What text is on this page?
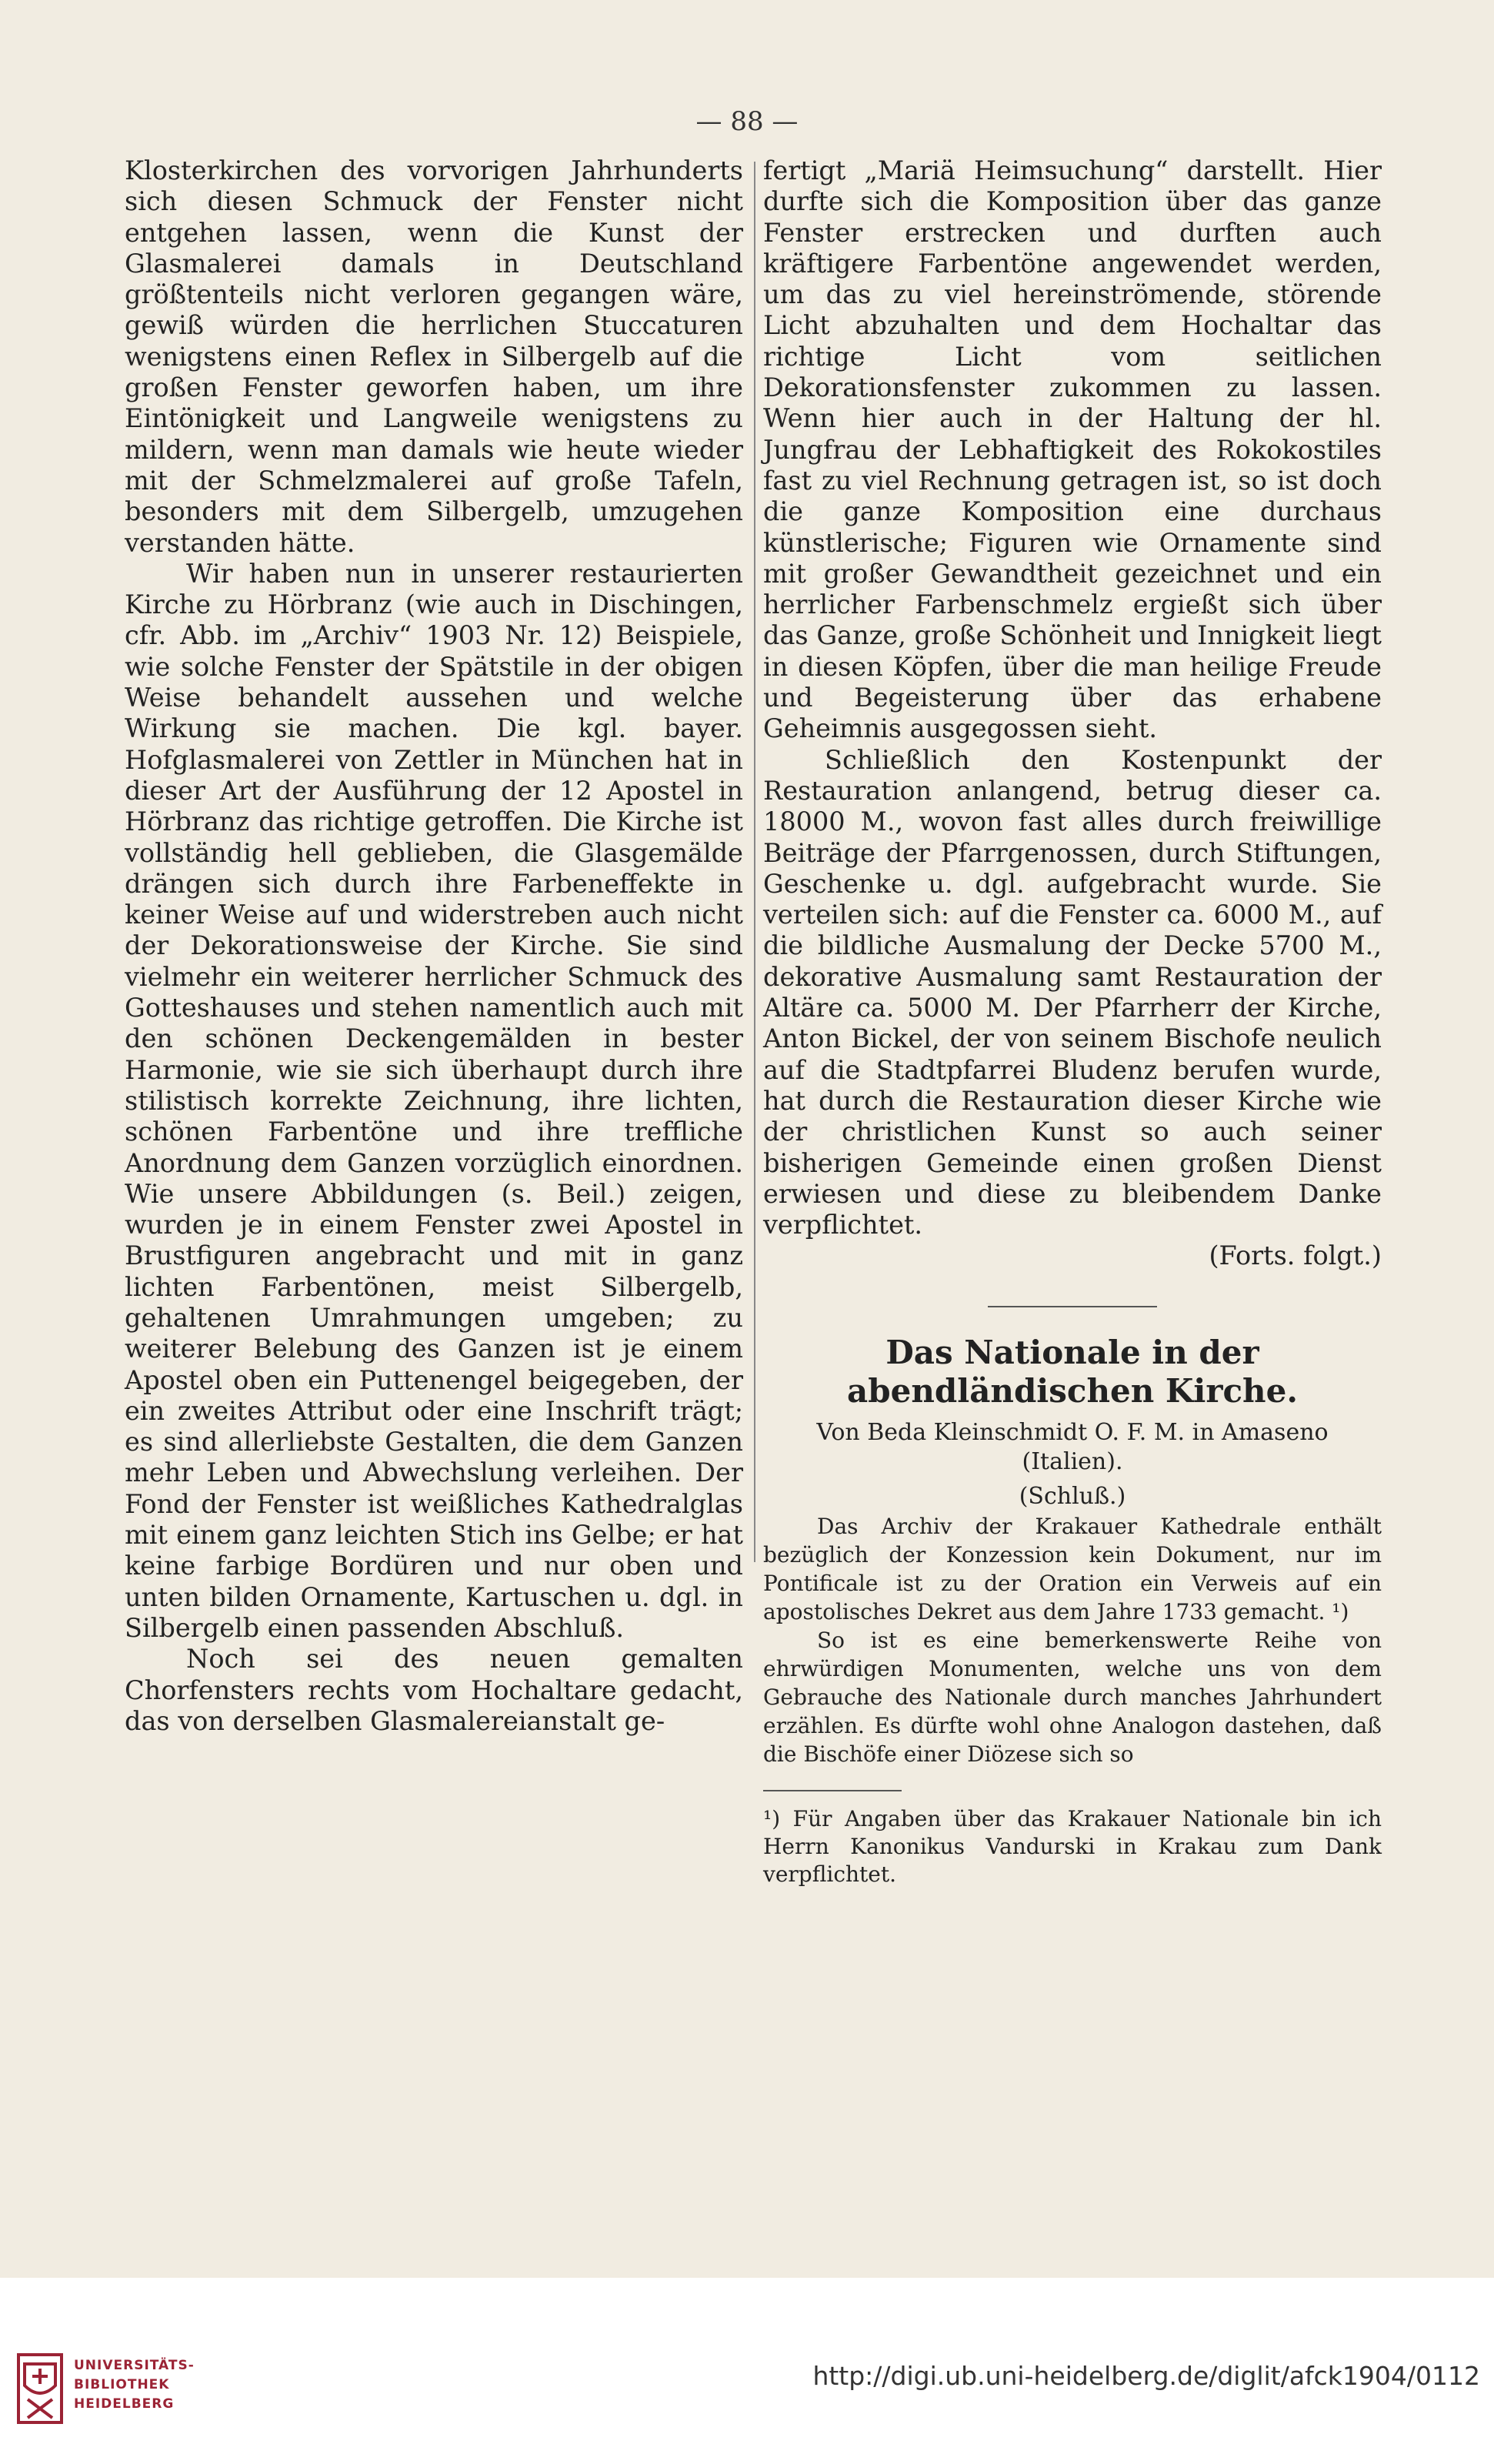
— 88 —

Klosterkirchen des vorvorigen Jahrhunderts sich diesen Schmuck der Fenster nicht entgehen lassen, wenn die Kunst der Glasmalerei damals in Deutschland größtenteils nicht verloren gegangen wäre, gewiß würden die herrlichen Stuccaturen wenigstens einen Reflex in Silbergelb auf die großen Fenster geworfen haben, um ihre Eintönigkeit und Langweile wenigstens zu mildern, wenn man damals wie heute wieder mit der Schmelzmalerei auf große Tafeln, besonders mit dem Silbergelb, umzugehen verstanden hätte.

Wir haben nun in unserer restaurierten Kirche zu Hörbranz (wie auch in Dischingen, cfr. Abb. im „Archiv“ 1903 Nr. 12) Beispiele, wie solche Fenster der Spätstile in der obigen Weise behandelt aussehen und welche Wirkung sie machen. Die kgl. bayer. Hofglasmalerei von Zettler in München hat in dieser Art der Ausführung der 12 Apostel in Hörbranz das richtige getroffen. Die Kirche ist vollständig hell geblieben, die Glasgemälde drängen sich durch ihre Farbeneffekte in keiner Weise auf und widerstreben auch nicht der Dekorationsweise der Kirche. Sie sind vielmehr ein weiterer herrlicher Schmuck des Gotteshauses und stehen namentlich auch mit den schönen Deckengemälden in bester Harmonie, wie sie sich überhaupt durch ihre stilistisch korrekte Zeichnung, ihre lichten, schönen Farbentöne und ihre treffliche Anordnung dem Ganzen vorzüglich einordnen. Wie unsere Abbildungen (s. Beil.) zeigen, wurden je in einem Fenster zwei Apostel in Brustfiguren angebracht und mit in ganz lichten Farbentönen, meist Silbergelb, gehaltenen Umrahmungen umgeben; zu weiterer Belebung des Ganzen ist je einem Apostel oben ein Puttenengel beigegeben, der ein zweites Attribut oder eine Inschrift trägt; es sind allerliebste Gestalten, die dem Ganzen mehr Leben und Abwechslung verleihen. Der Fond der Fenster ist weißliches Kathedralglas mit einem ganz leichten Stich ins Gelbe; er hat keine farbige Bordüren und nur oben und unten bilden Ornamente, Kartuschen u. dgl. in Silbergelb einen passenden Abschluß.

Noch sei des neuen gemalten Chorfensters rechts vom Hochaltare gedacht, das von derselben Glasmalereianstalt ge-

fertigt „Mariä Heimsuchung“ darstellt. Hier durfte sich die Komposition über das ganze Fenster erstrecken und durften auch kräftigere Farbentöne angewendet werden, um das zu viel hereinströmende, störende Licht abzuhalten und dem Hochaltar das richtige Licht vom seitlichen Dekorationsfenster zukommen zu lassen. Wenn hier auch in der Haltung der hl. Jungfrau der Lebhaftigkeit des Rokokostiles fast zu viel Rechnung getragen ist, so ist doch die ganze Komposition eine durchaus künstlerische; Figuren wie Ornamente sind mit großer Gewandtheit gezeichnet und ein herrlicher Farbenschmelz ergießt sich über das Ganze, große Schönheit und Innigkeit liegt in diesen Köpfen, über die man heilige Freude und Begeisterung über das erhabene Geheimnis ausgegossen sieht.

Schließlich den Kostenpunkt der Restauration anlangend, betrug dieser ca. 18000 M., wovon fast alles durch freiwillige Beiträge der Pfarrgenossen, durch Stiftungen, Geschenke u. dgl. aufgebracht wurde. Sie verteilen sich: auf die Fenster ca. 6000 M., auf die bildliche Ausmalung der Decke 5700 M., dekorative Ausmalung samt Restauration der Altäre ca. 5000 M. Der Pfarrherr der Kirche, Anton Bickel, der von seinem Bischofe neulich auf die Stadtpfarrei Bludenz berufen wurde, hat durch die Restauration dieser Kirche wie der christlichen Kunst so auch seiner bisherigen Gemeinde einen großen Dienst erwiesen und diese zu bleibendem Danke verpflichtet.

(Forts. folgt.)

Das Nationale in der abendländischen Kirche.
Von Beda Kleinschmidt O. F. M. in Amaseno (Italien).
(Schluß.)

Das Archiv der Krakauer Kathedrale enthält bezüglich der Konzession kein Dokument, nur im Pontificale ist zu der Oration ein Verweis auf ein apostolisches Dekret aus dem Jahre 1733 gemacht. ¹)

So ist es eine bemerkenswerte Reihe von ehrwürdigen Monumenten, welche uns von dem Gebrauche des Nationale durch manches Jahrhundert erzählen. Es dürfte wohl ohne Analogon dastehen, daß die Bischöfe einer Diözese sich so

¹) Für Angaben über das Krakauer Nationale bin ich Herrn Kanonikus Vandurski in Krakau zum Dank verpflichtet.

UNIVERSITÄTS-
BIBLIOTHEK
HEIDELBERG
http://digi.ub.uni-heidelberg.de/diglit/afck1904/0112
